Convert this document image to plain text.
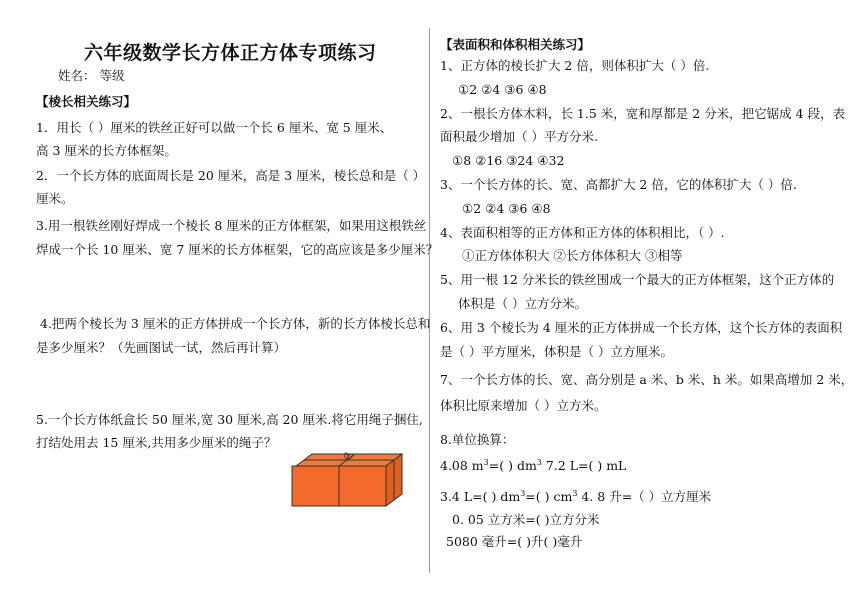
六年级数学长方体正方体专项练习
姓名： 等级
【棱长相关练习】
1．用长（ ）厘米的铁丝正好可以做一个长 6 厘米、宽 5 厘米、
高 3 厘米的长方体框架。
2．一个长方体的底面周长是 20 厘米，高是 3 厘米，棱长总和是（ ）
厘米。
3.用一根铁丝刚好焊成一个棱长 8 厘米的正方体框架，如果用这根铁丝
焊成一个长 10 厘米、宽 7 厘米的长方体框架，它的高应该是多少厘米？
4.把两个棱长为 3 厘米的正方体拼成一个长方体，新的长方体棱长总和
是多少厘米？（先画图试一试，然后再计算）
5.一个长方体纸盒长 50 厘米,宽 30 厘米,高 20 厘米.将它用绳子捆住,
打结处用去 15 厘米,共用多少厘米的绳子？
【表面积和体积相关练习】
1、正方体的棱长扩大 2 倍，则体积扩大（ ）倍.
①2 ②4 ③6 ④8
2、一根长方体木料，长 1.5 米，宽和厚都是 2 分米，把它锯成 4 段，表
面积最少增加（ ）平方分米.
①8 ②16 ③24 ④32
3、一个长方体的长、宽、高都扩大 2 倍，它的体积扩大（ ）倍.
①2 ②4 ③6 ④8
4、表面积相等的正方体和正方体的体积相比，（ ）.
①正方体体积大 ②长方体体积大 ③相等
5、用一根 12 分米长的铁丝围成一个最大的正方体框架，这个正方体的
体积是（ ）立方分米。
6、用 3 个棱长为 4 厘米的正方体拼成一个长方体，这个长方体的表面积
是（ ）平方厘米，体积是（ ）立方厘米。
7、一个长方体的长、宽、高分别是 a 米、b 米、h 米。如果高增加 2 米，
体积比原来增加（ ）立方米。
8.单位换算：
4.08 $m^3=$( ) $dm^3$ 7.2 L=( ) mL
3.4 L=( ) $dm^3=$( ) $cm^3$ 4. 8 升=（ ）立方厘米
0. 05 立方米=( )立方分米
5080 毫升=( )升( )毫升
